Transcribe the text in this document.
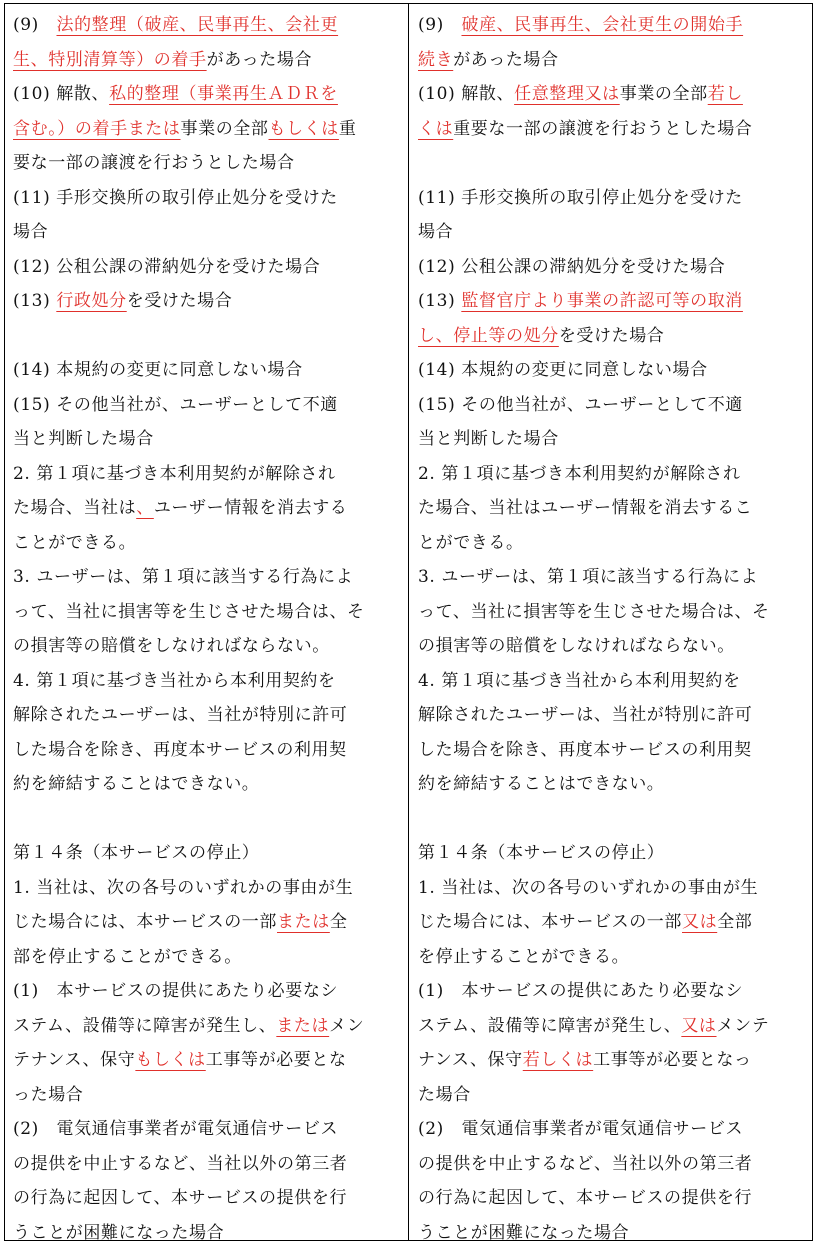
(9)　法的整理（破産、民事再生、会社更
生、特別清算等）の着手があった場合
(10) 解散、私的整理（事業再生ＡＤＲを
含む。）の着手または事業の全部もしくは重
要な一部の譲渡を行おうとした場合
(11) 手形交換所の取引停止処分を受けた
場合
(12) 公租公課の滞納処分を受けた場合
(13) 行政処分を受けた場合
(14) 本規約の変更に同意しない場合
(15) その他当社が、ユーザーとして不適
当と判断した場合
2. 第１項に基づき本利用契約が解除され
た場合、当社は、ユーザー情報を消去する
ことができる。
3. ユーザーは、第１項に該当する行為によ
って、当社に損害等を生じさせた場合は、そ
の損害等の賠償をしなければならない。
4. 第１項に基づき当社から本利用契約を
解除されたユーザーは、当社が特別に許可
した場合を除き、再度本サービスの利用契
約を締結することはできない。
第１４条（本サービスの停止）
1. 当社は、次の各号のいずれかの事由が生
じた場合には、本サービスの一部または全
部を停止することができる。
(1)　本サービスの提供にあたり必要なシ
ステム、設備等に障害が発生し、またはメン
テナンス、保守もしくは工事等が必要とな
った場合
(2)　電気通信事業者が電気通信サービス
の提供を中止するなど、当社以外の第三者
の行為に起因して、本サービスの提供を行
うことが困難になった場合
(9)　破産、民事再生、会社更生の開始手
続きがあった場合
(10) 解散、任意整理又は事業の全部若し
くは重要な一部の譲渡を行おうとした場合
(11) 手形交換所の取引停止処分を受けた
場合
(12) 公租公課の滞納処分を受けた場合
(13) 監督官庁より事業の許認可等の取消
し、停止等の処分を受けた場合
(14) 本規約の変更に同意しない場合
(15) その他当社が、ユーザーとして不適
当と判断した場合
2. 第１項に基づき本利用契約が解除され
た場合、当社はユーザー情報を消去するこ
とができる。
3. ユーザーは、第１項に該当する行為によ
って、当社に損害等を生じさせた場合は、そ
の損害等の賠償をしなければならない。
4. 第１項に基づき当社から本利用契約を
解除されたユーザーは、当社が特別に許可
した場合を除き、再度本サービスの利用契
約を締結することはできない。
第１４条（本サービスの停止）
1. 当社は、次の各号のいずれかの事由が生
じた場合には、本サービスの一部又は全部
を停止することができる。
(1)　本サービスの提供にあたり必要なシ
ステム、設備等に障害が発生し、又はメンテ
ナンス、保守若しくは工事等が必要となっ
た場合
(2)　電気通信事業者が電気通信サービス
の提供を中止するなど、当社以外の第三者
の行為に起因して、本サービスの提供を行
うことが困難になった場合
